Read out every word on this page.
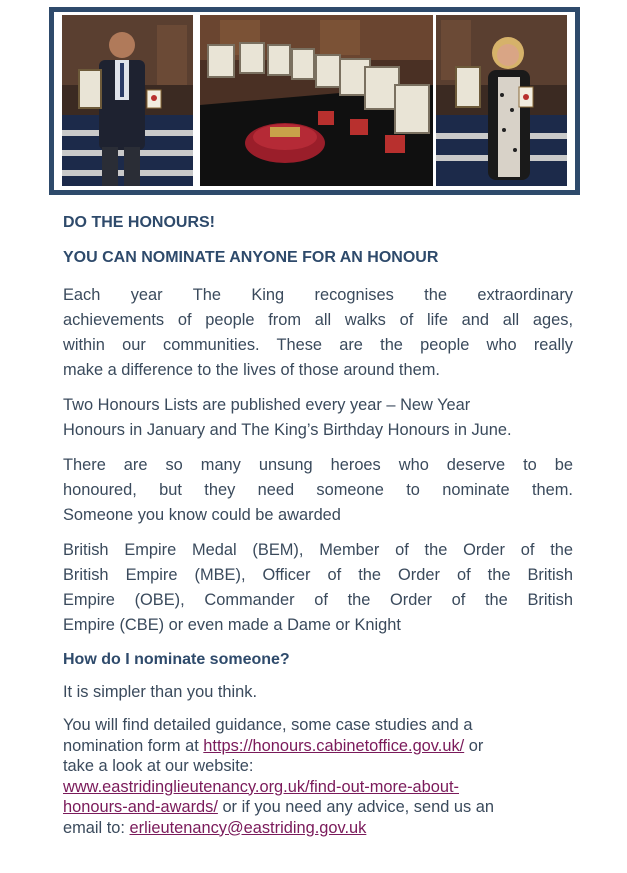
DO THE HONOURS!
YOU CAN NOMINATE ANYONE FOR AN HONOUR
Each year The King recognises the extraordinary
achievements of people from all walks of life and all ages,
within our communities. These are the people who really
make a difference to the lives of those around them.
Two Honours Lists are published every year – New Year
Honours in January and The King’s Birthday Honours in June.
There are so many unsung heroes who deserve to be
honoured, but they need someone to nominate them.
Someone you know could be awarded
British Empire Medal (BEM), Member of the Order of the
British Empire (MBE), Officer of the Order of the British
Empire (OBE), Commander of the Order of the British
Empire (CBE) or even made a Dame or Knight
How do I nominate someone?
It is simpler than you think.
You will find detailed guidance, some case studies and a
nomination form at https://honours.cabinetoffice.gov.uk/ or
take a look at our website:
www.eastridinglieutenancy.org.uk/find-out-more-about-
honours-and-awards/ or if you need any advice, send us an
email to: erlieutenancy@eastriding.gov.uk
